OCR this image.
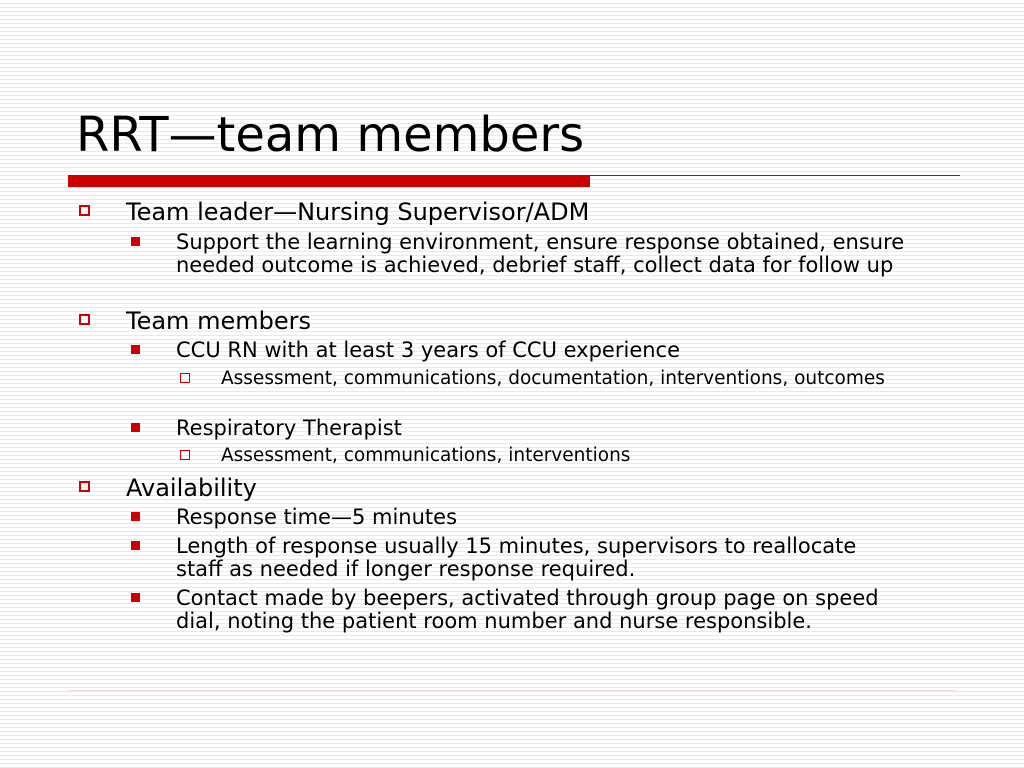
RRT—team members
Team leader—Nursing Supervisor/ADM
Support the learning environment, ensure response obtained, ensure needed outcome is achieved, debrief staff, collect data for follow up
Team members
CCU RN with at least 3 years of CCU experience
Assessment, communications, documentation, interventions, outcomes
Respiratory Therapist
Assessment, communications, interventions
Availability
Response time—5 minutes
Length of response usually 15 minutes, supervisors to reallocate staff as needed if longer response required.
Contact made by beepers, activated through group page on speed dial, noting the patient room number and nurse responsible.
